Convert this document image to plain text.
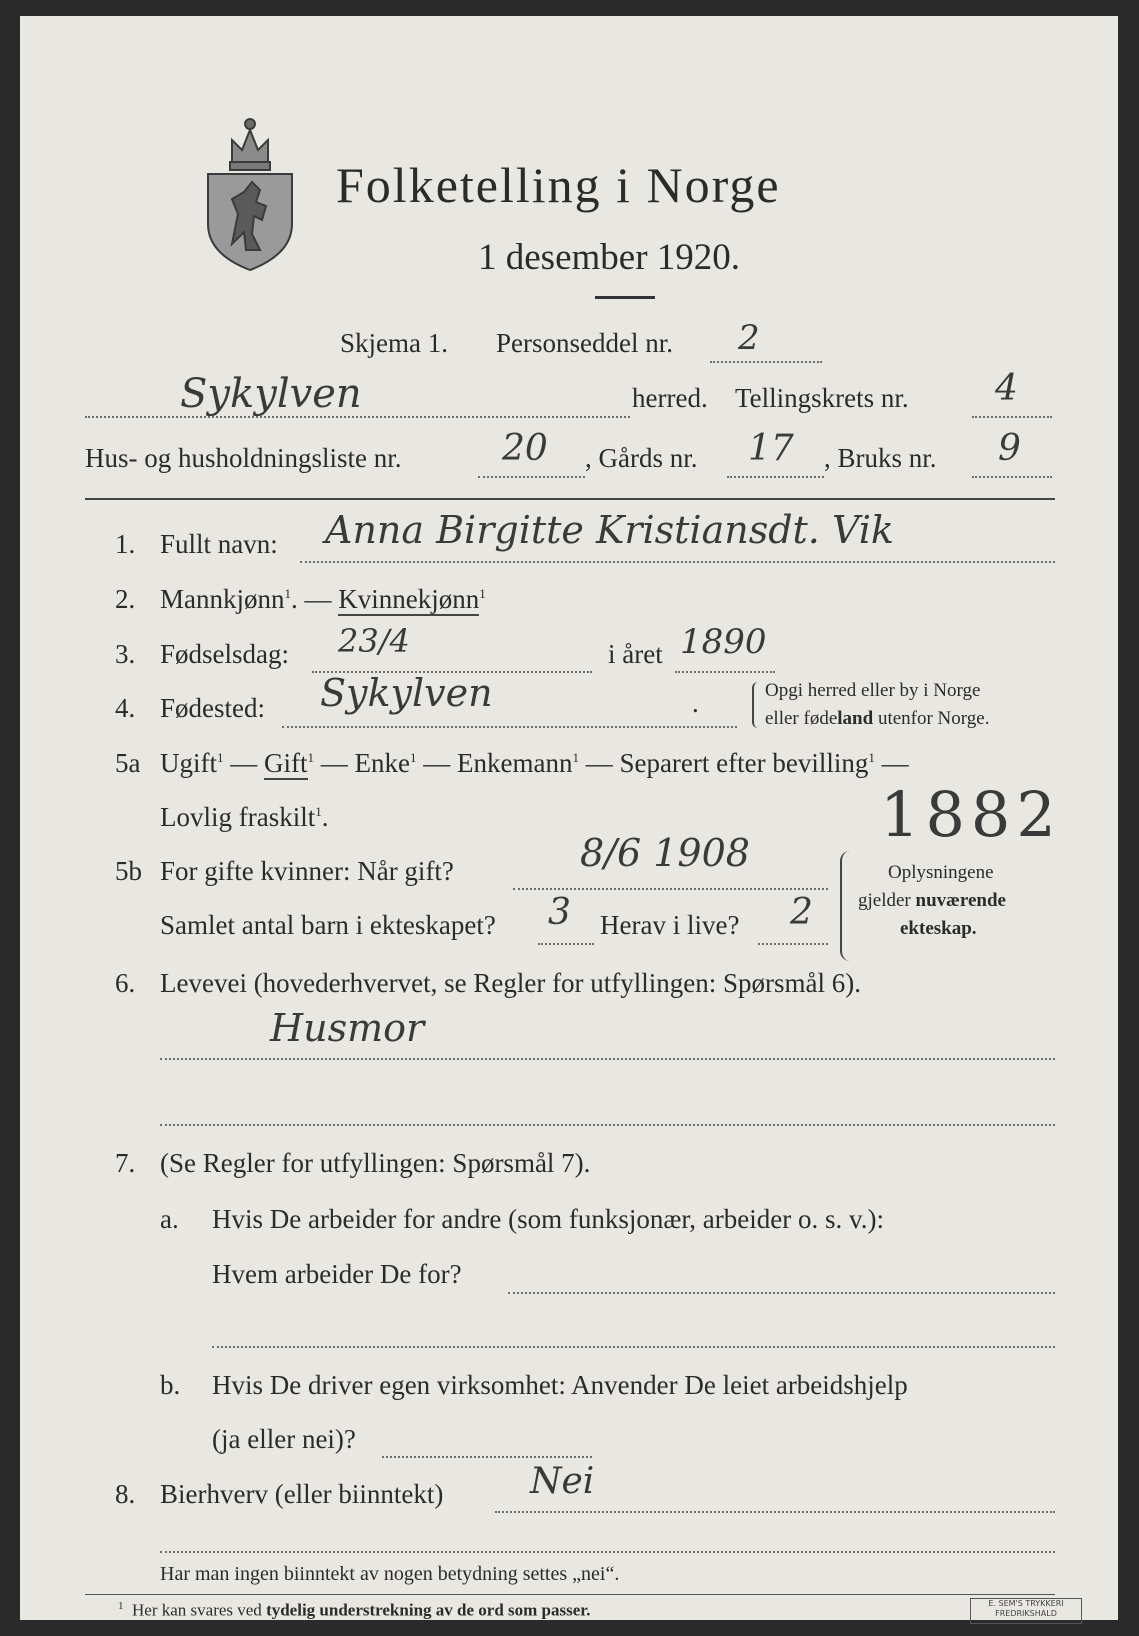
Folketelling i Norge
1 desember 1920.
Skjema 1. Personseddel nr. 2
Sykylven	herred. Tellingskrets nr. 4
Hus- og husholdningsliste nr.	20 , Gårds nr. 17 , Bruks nr. 9
1. Fullt navn: Anna Birgitte Kristiansdt. Vik
2. Mannkjønn$^1$. — Kvinnekjønn$^1$
3. Fødselsdag: 23/4	i året 1890
4. Fødested: Sykylven	.	Opgi herred eller by i Norge
eller fødeland utenfor Norge.
5a Ugift$^1$ — Gift$^1$ — Enke$^1$ — Enkemann$^1$ — Separert efter bevilling$^1$ —
Lovlig fraskilt$^1$.	1882
5b For gifte kvinner: Når gift?	8/6 1908
Samlet antal barn i ekteskapet? 3 Herav i live? 2
Oplysningene
gjelder nuværende
ekteskap.
6. Levevei (hovederhvervet, se Regler for utfyllingen: Spørsmål 6).
Husmor
7. (Se Regler for utfyllingen: Spørsmål 7).
a. Hvis De arbeider for andre (som funksjonær, arbeider o. s. v.):
Hvem arbeider De for?
b. Hvis De driver egen virksomhet: Anvender De leiet arbeidshjelp
(ja eller nei)?
8. Bierhverv (eller biinntekt) Nei
Har man ingen biinntekt av nogen betydning settes „nei“.
$^1$ Her kan svares ved tydelig understrekning av de ord som passer.	E. SEM'S TRYKKERI
FREDRIKSHALD
